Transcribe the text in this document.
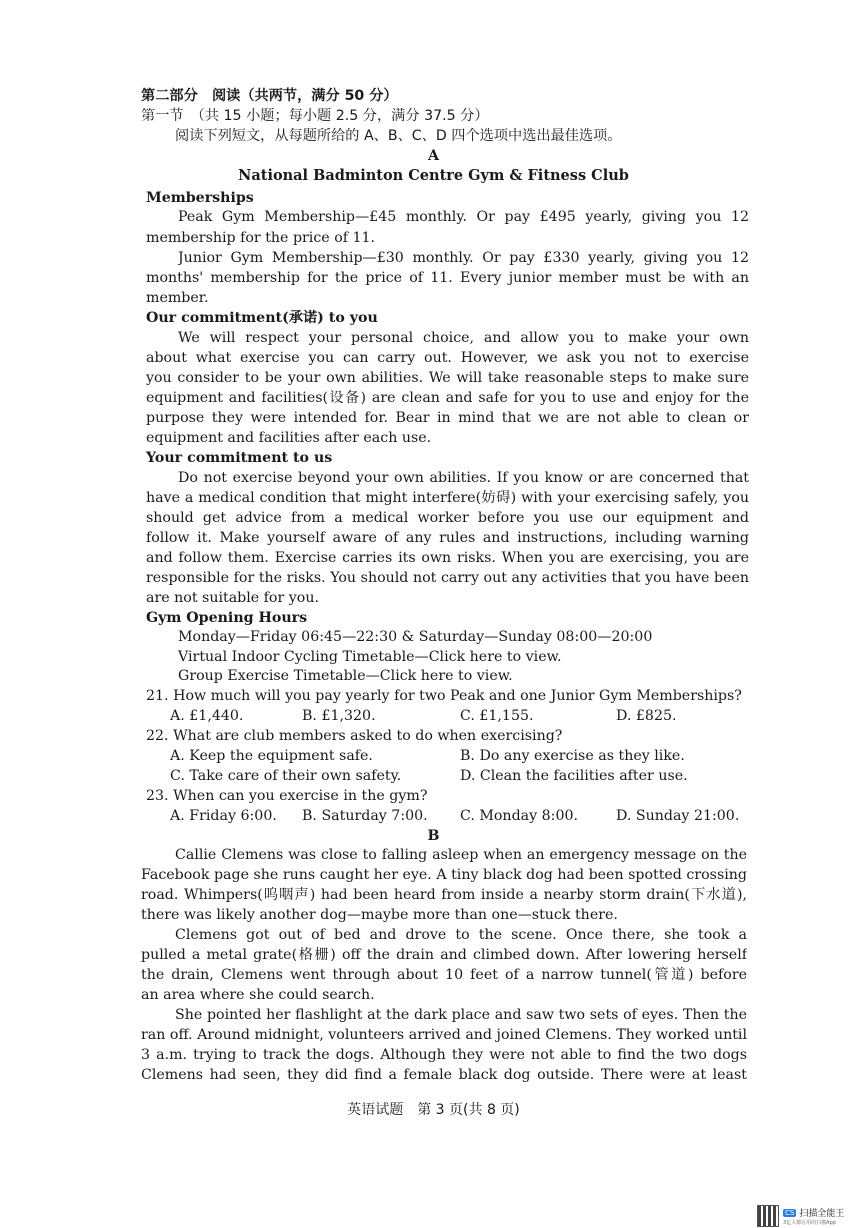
第二部分　阅读（共两节，满分 50 分）
第一节　（共 15 小题；每小题 2.5 分，满分 37.5 分）
阅读下列短文，从每题所给的 A、B、C、D 四个选项中选出最佳选项。
A
National Badminton Centre Gym & Fitness Club
Memberships
Peak Gym Membership—£45 monthly. Or pay £495 yearly, giving you 12
membership for the price of 11.
Junior Gym Membership—£30 monthly. Or pay £330 yearly, giving you 12
months' membership for the price of 11. Every junior member must be with an
member.
Our commitment(承诺) to you
We will respect your personal choice, and allow you to make your own
about what exercise you can carry out. However, we ask you not to exercise
you consider to be your own abilities. We will take reasonable steps to make sure
equipment and facilities(设备) are clean and safe for you to use and enjoy for the
purpose they were intended for. Bear in mind that we are not able to clean or
equipment and facilities after each use.
Your commitment to us
Do not exercise beyond your own abilities. If you know or are concerned that
have a medical condition that might interfere(妨碍) with your exercising safely, you
should get advice from a medical worker before you use our equipment and
follow it. Make yourself aware of any rules and instructions, including warning
and follow them. Exercise carries its own risks. When you are exercising, you are
responsible for the risks. You should not carry out any activities that you have been
are not suitable for you.
Gym Opening Hours
Monday—Friday 06:45—22:30 & Saturday—Sunday 08:00—20:00
Virtual Indoor Cycling Timetable—Click here to view.
Group Exercise Timetable—Click here to view.
21. How much will you pay yearly for two Peak and one Junior Gym Memberships?
A. £1,440.	B. £1,320.	C. £1,155.	D. £825.
22. What are club members asked to do when exercising?
A. Keep the equipment safe.	B. Do any exercise as they like.
C. Take care of their own safety.	D. Clean the facilities after use.
23. When can you exercise in the gym?
A. Friday 6:00. B. Saturday 7:00. C. Monday 8:00.	D. Sunday 21:00.
B
Callie Clemens was close to falling asleep when an emergency message on the
Facebook page she runs caught her eye. A tiny black dog had been spotted crossing
road. Whimpers(呜咽声) had been heard from inside a nearby storm drain(下水道),
there was likely another dog—maybe more than one—stuck there.
Clemens got out of bed and drove to the scene. Once there, she took a
pulled a metal grate(格栅) off the drain and climbed down. After lowering herself
the drain, Clemens went through about 10 feet of a narrow tunnel(管道) before
an area where she could search.
She pointed her flashlight at the dark place and saw two sets of eyes. Then the
ran off. Around midnight, volunteers arrived and joined Clemens. They worked until
3 a.m. trying to track the dogs. Although they were not able to find the two dogs
Clemens had seen, they did find a female black dog outside. There were at least
英语试题　第 3 页(共 8 页)
CS 扫描全能王
3亿人都在用的扫描App
